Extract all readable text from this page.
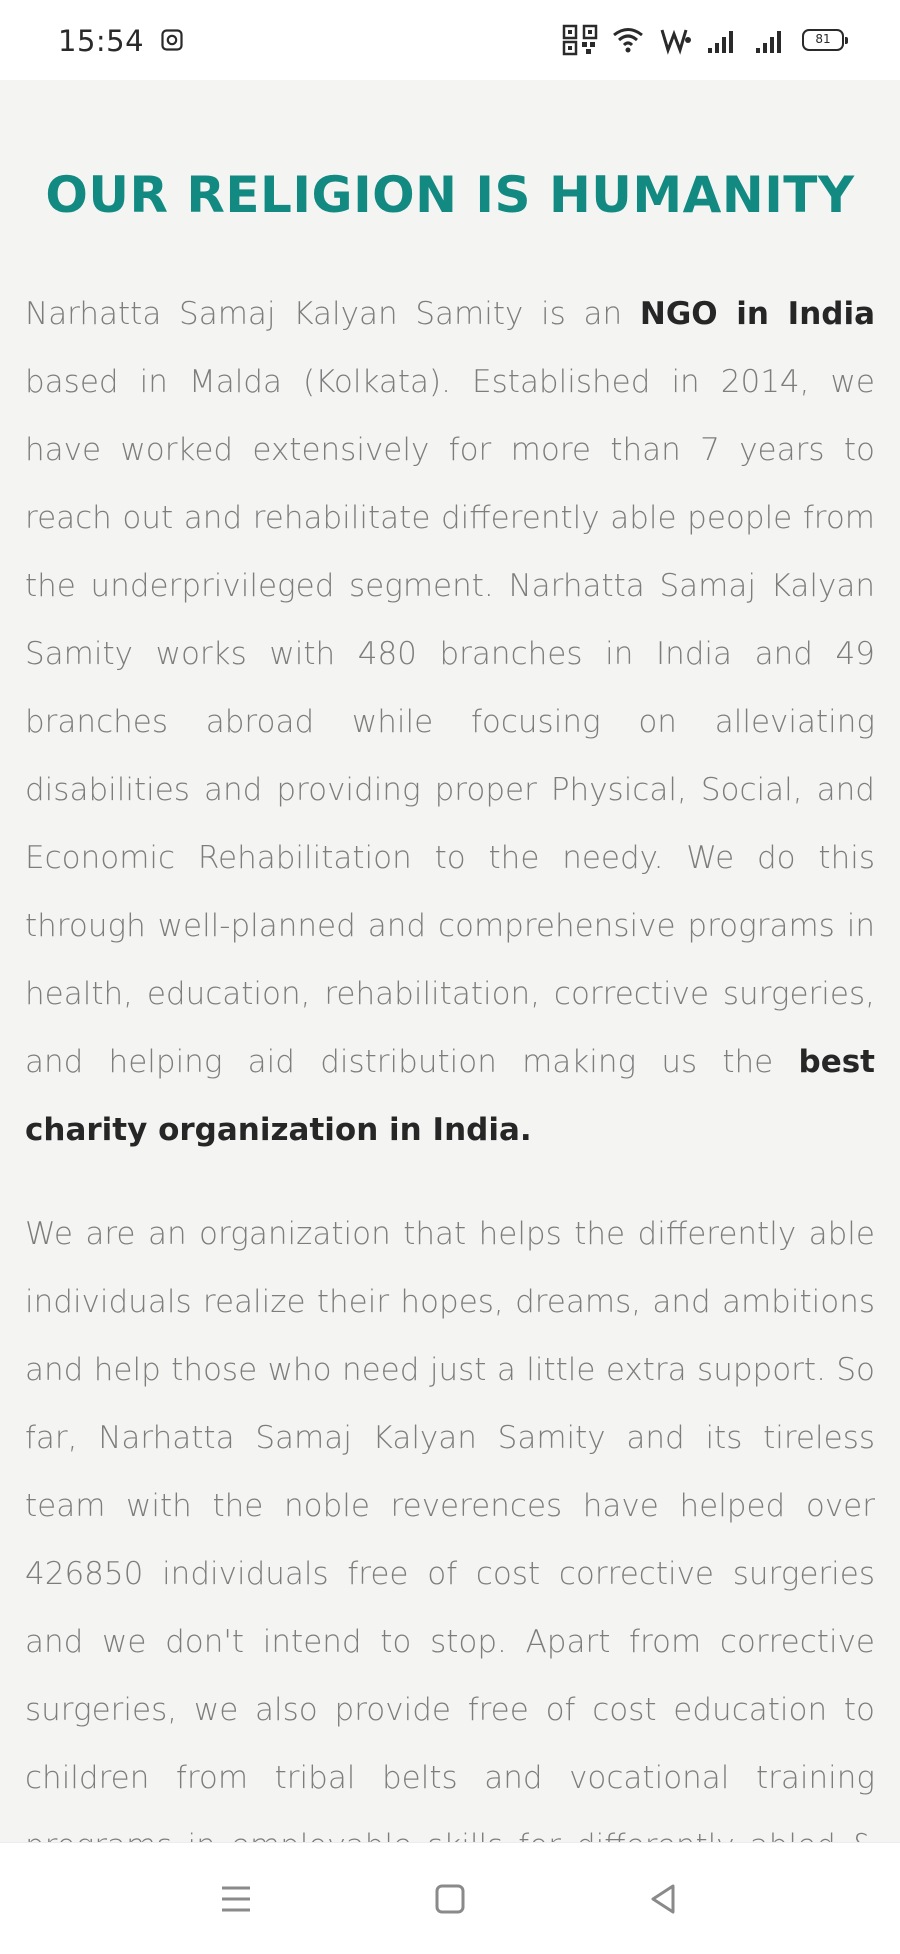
15:54	81
OUR RELIGION IS HUMANITY

Narhatta Samaj Kalyan Samity is an NGO in India based in Malda (Kolkata). Established in 2014, we have worked extensively for more than 7 years to reach out and rehabilitate differently able people from the underprivileged segment. Narhatta Samaj Kalyan Samity works with 480 branches in India and 49 branches abroad while focusing on alleviating disabilities and providing proper Physical, Social, and Economic Rehabilitation to the needy. We do this through well-planned and comprehensive programs in health, education, rehabilitation, corrective surgeries, and helping aid distribution making us the best charity organization in India.

We are an organization that helps the differently able individuals realize their hopes, dreams, and ambitions and help those who need just a little extra support. So far, Narhatta Samaj Kalyan Samity and its tireless team with the noble reverences have helped over 426850 individuals free of cost corrective surgeries and we don't intend to stop. Apart from corrective surgeries, we also provide free of cost education to children from tribal belts and vocational training
